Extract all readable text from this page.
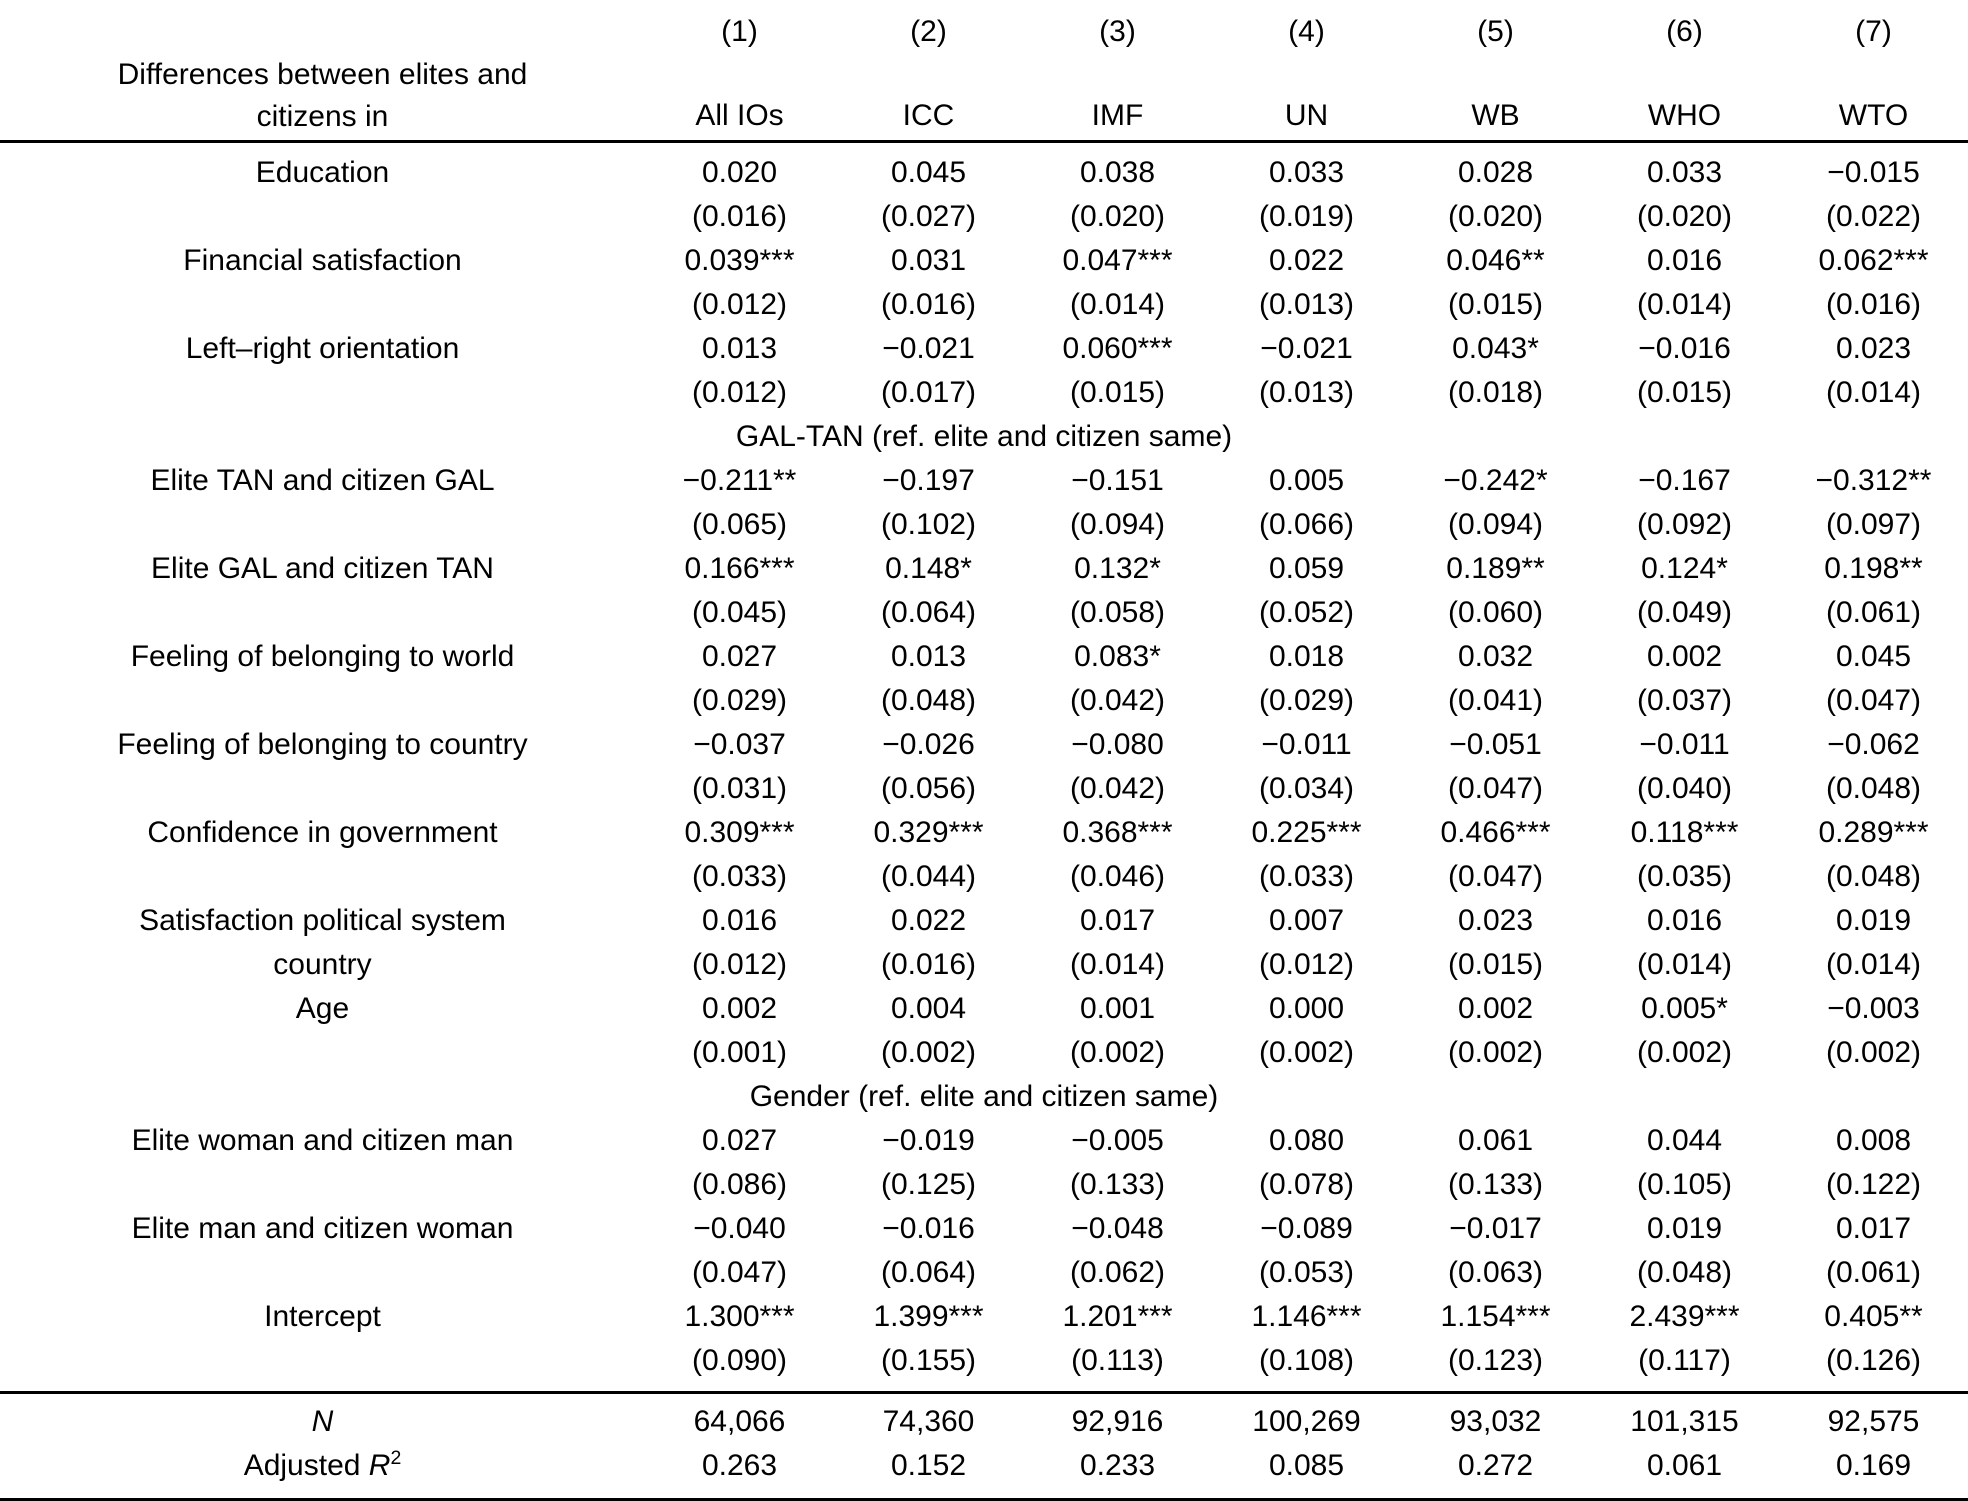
	(1)	(2)	(3)	(4)	(5)	(6)	(7)
Differences between elites and
citizens in	All IOs	ICC	IMF	UN	WB	WHO	WTO
Education	0.020	0.045	0.038	0.033	0.028	0.033	−0.015
	(0.016)	(0.027)	(0.020)	(0.019)	(0.020)	(0.020)	(0.022)
Financial satisfaction	0.039***	0.031	0.047***	0.022	0.046**	0.016	0.062***
	(0.012)	(0.016)	(0.014)	(0.013)	(0.015)	(0.014)	(0.016)
Left–right orientation	0.013	−0.021	0.060***	−0.021	0.043*	−0.016	0.023
	(0.012)	(0.017)	(0.015)	(0.013)	(0.018)	(0.015)	(0.014)
GAL-TAN (ref. elite and citizen same)							
Elite TAN and citizen GAL	−0.211**	−0.197	−0.151	0.005	−0.242*	−0.167	−0.312**
	(0.065)	(0.102)	(0.094)	(0.066)	(0.094)	(0.092)	(0.097)
Elite GAL and citizen TAN	0.166***	0.148*	0.132*	0.059	0.189**	0.124*	0.198**
	(0.045)	(0.064)	(0.058)	(0.052)	(0.060)	(0.049)	(0.061)
Feeling of belonging to world	0.027	0.013	0.083*	0.018	0.032	0.002	0.045
	(0.029)	(0.048)	(0.042)	(0.029)	(0.041)	(0.037)	(0.047)
Feeling of belonging to country	−0.037	−0.026	−0.080	−0.011	−0.051	−0.011	−0.062
	(0.031)	(0.056)	(0.042)	(0.034)	(0.047)	(0.040)	(0.048)
Confidence in government	0.309***	0.329***	0.368***	0.225***	0.466***	0.118***	0.289***
	(0.033)	(0.044)	(0.046)	(0.033)	(0.047)	(0.035)	(0.048)
Satisfaction political system	0.016	0.022	0.017	0.007	0.023	0.016	0.019
country	(0.012)	(0.016)	(0.014)	(0.012)	(0.015)	(0.014)	(0.014)
Age	0.002	0.004	0.001	0.000	0.002	0.005*	−0.003
	(0.001)	(0.002)	(0.002)	(0.002)	(0.002)	(0.002)	(0.002)
Gender (ref. elite and citizen same)							
Elite woman and citizen man	0.027	−0.019	−0.005	0.080	0.061	0.044	0.008
	(0.086)	(0.125)	(0.133)	(0.078)	(0.133)	(0.105)	(0.122)
Elite man and citizen woman	−0.040	−0.016	−0.048	−0.089	−0.017	0.019	0.017
	(0.047)	(0.064)	(0.062)	(0.053)	(0.063)	(0.048)	(0.061)
Intercept	1.300***	1.399***	1.201***	1.146***	1.154***	2.439***	0.405**
	(0.090)	(0.155)	(0.113)	(0.108)	(0.123)	(0.117)	(0.126)
N	64,066	74,360	92,916	100,269	93,032	101,315	92,575
Adjusted $R^2$	0.263	0.152	0.233	0.085	0.272	0.061	0.169
